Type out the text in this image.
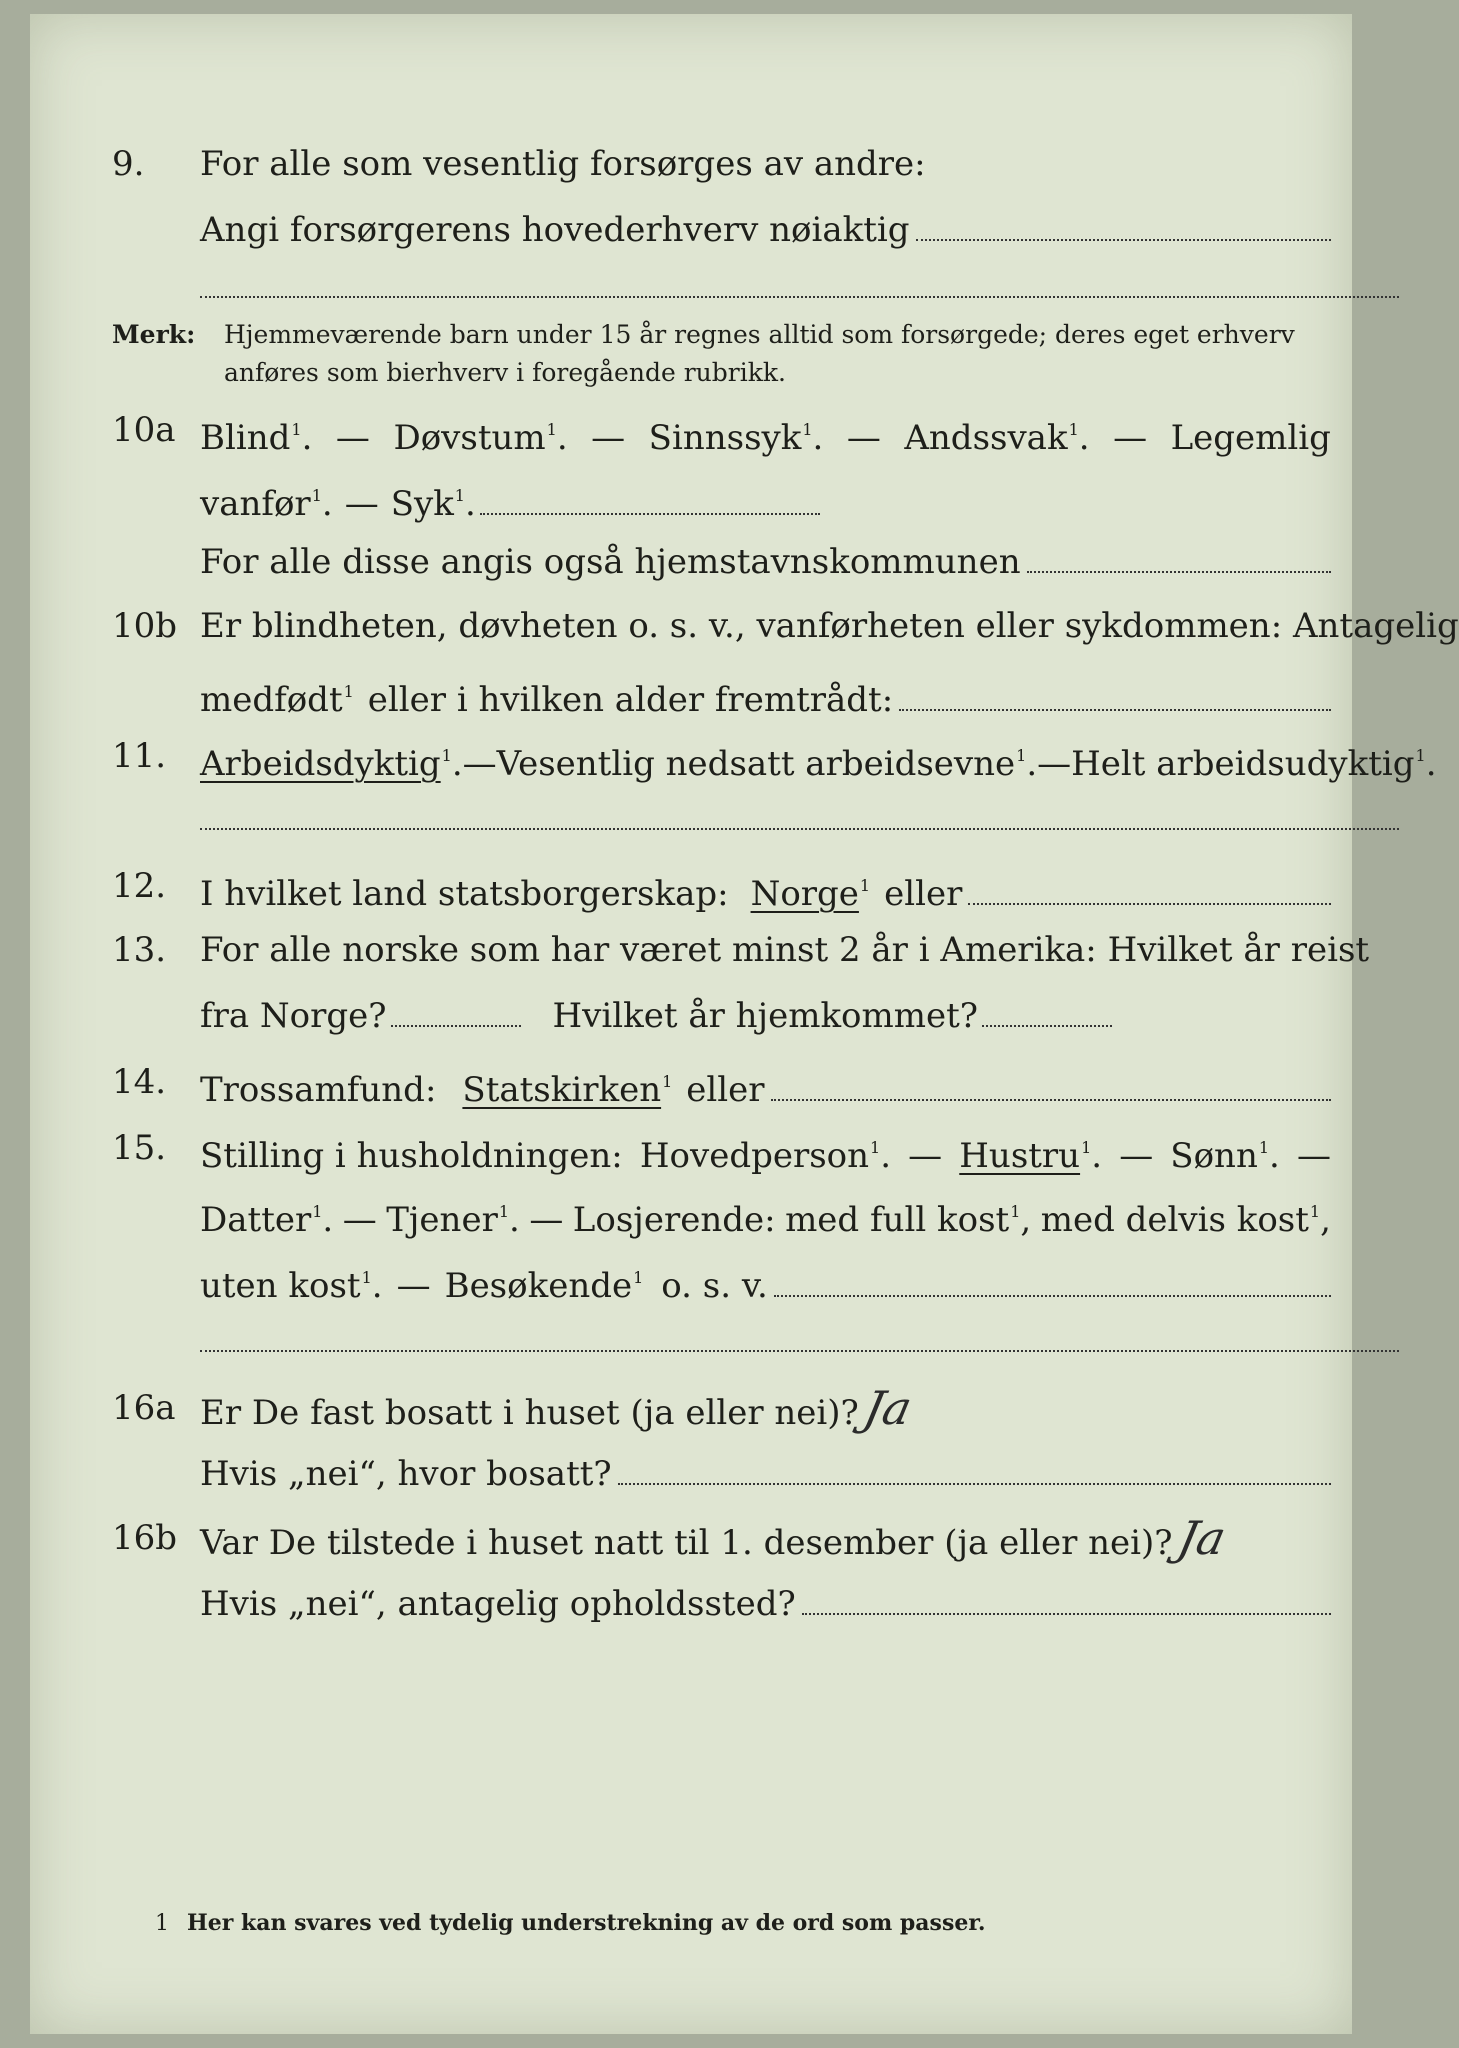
9. For alle som vesentlig forsørges av andre:
Angi forsørgerens hovederhverv nøiaktig
Merk: Hjemmeværende barn under 15 år regnes alltid som forsørgede; deres eget erhverv anføres som bierhverv i foregående rubrikk.
10a Blind$^1$. — Døvstum$^1$. — Sinnssyk$^1$. — Andssvak$^1$. — Legemlig
vanfør$^1$. — Syk$^1$.
For alle disse angis også hjemstavnskommunen
10b Er blindheten, døvheten o. s. v., vanførheten eller sykdommen: Antagelig
medfødt$^1$ eller i hvilken alder fremtrådt:
11. Arbeidsdyktig$^1$. — Vesentlig nedsatt arbeidsevne$^1$. — Helt arbeidsudyktig$^1$.
12. I hvilket land statsborgerskap: Norge$^1$ eller
13. For alle norske som har været minst 2 år i Amerika: Hvilket år reist
fra Norge?	Hvilket år hjemkommet?
14. Trossamfund: Statskirken$^1$ eller
15. Stilling i husholdningen: Hovedperson$^1$. — Hustru$^1$. — Sønn$^1$. —
Datter$^1$. — Tjener$^1$. — Losjerende: med full kost$^1$, med delvis kost$^1$,
uten kost$^1$. — Besøkende$^1$ o. s. v.
16a Er De fast bosatt i huset (ja eller nei)? Ja
Hvis „nei“, hvor bosatt?
16b Var De tilstede i huset natt til 1. desember (ja eller nei)? Ja
Hvis „nei“, antagelig opholdssted?
1 Her kan svares ved tydelig understrekning av de ord som passer.
